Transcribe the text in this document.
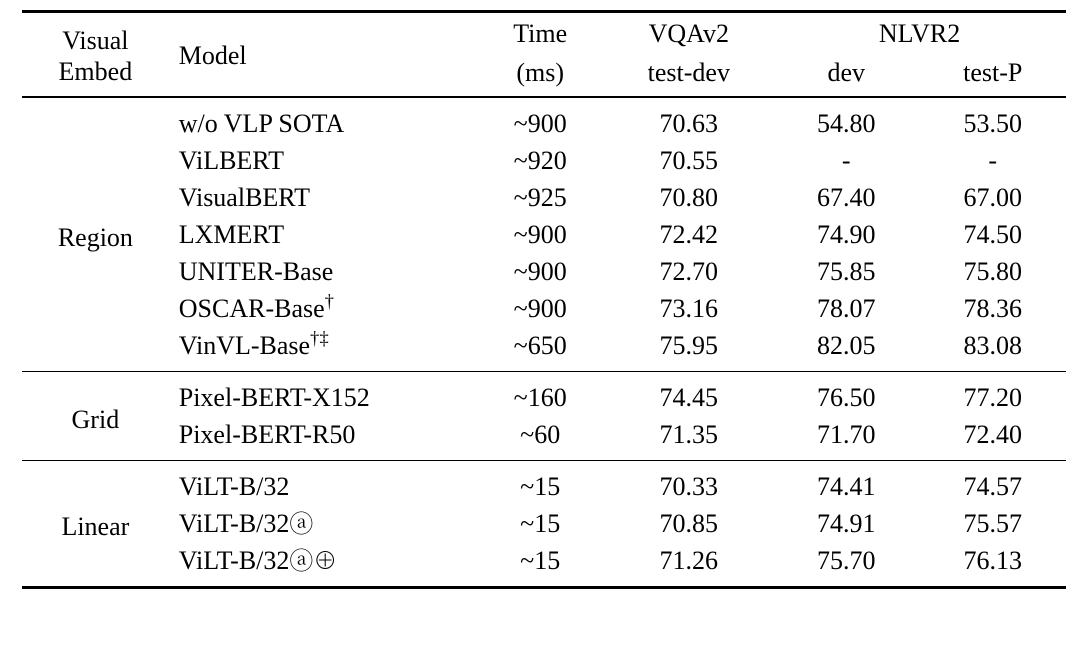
Visual
Embed	Model	Time	VQAv2	NLVR2	
		(ms)	test-dev	dev	test-P
Region	w/o VLP SOTA	~900	70.63	54.80	53.50
	ViLBERT	~920	70.55	-	-
	VisualBERT	~925	70.80	67.40	67.00
	LXMERT	~900	72.42	74.90	74.50
	UNITER-Base	~900	72.70	75.85	75.80
	OSCAR-Base†	~900	73.16	78.07	78.36
	VinVL-Base†‡	~650	75.95	82.05	83.08
Grid	Pixel-BERT-X152	~160	74.45	76.50	77.20
	Pixel-BERT-R50	~60	71.35	71.70	72.40
Linear	ViLT-B/32	~15	70.33	74.41	74.57
	ViLT-B/32ⓐ	~15	70.85	74.91	75.57
	ViLT-B/32ⓐ⊕	~15	71.26	75.70	76.13
